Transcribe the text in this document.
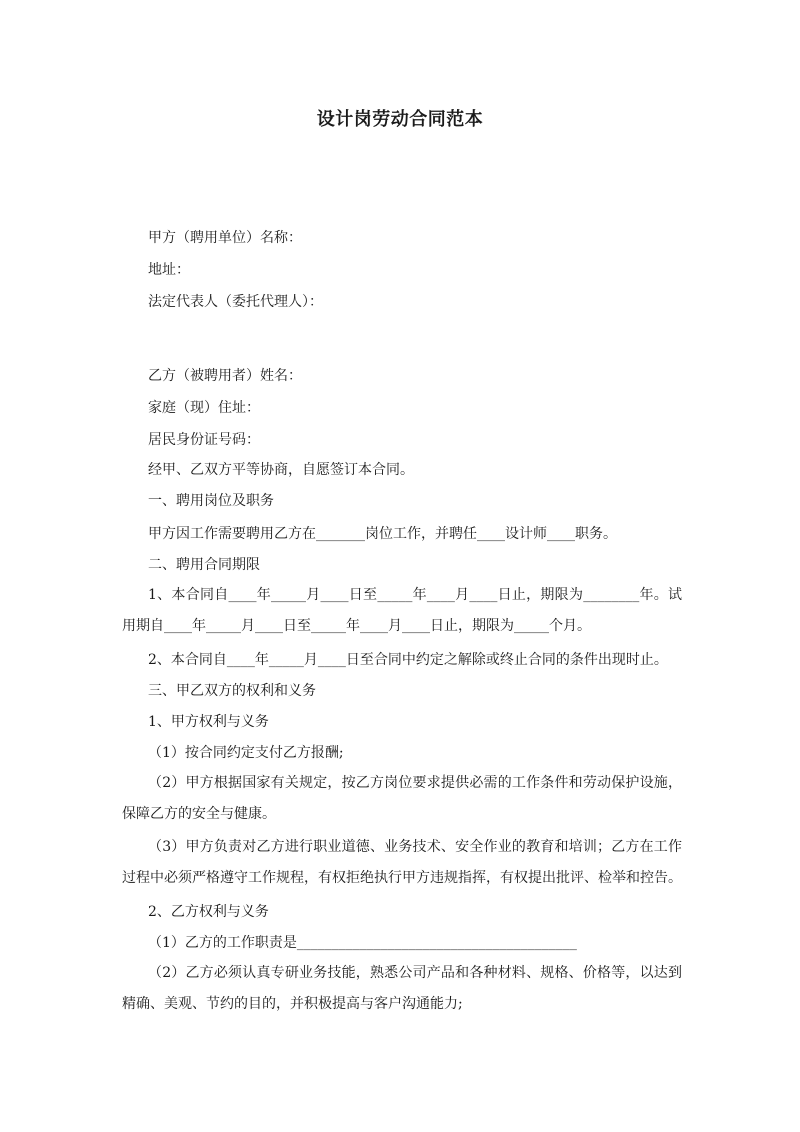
设计岗劳动合同范本
甲方（聘用单位）名称：
地址：
法定代表人（委托代理人）：
乙方（被聘用者）姓名：
家庭（现）住址：
居民身份证号码：
经甲、乙双方平等协商，自愿签订本合同。
一、聘用岗位及职务
甲方因工作需要聘用乙方在_______岗位工作，并聘任____设计师____职务。
二、聘用合同期限
1、本合同自____年_____月____日至_____年____月____日止，期限为________年。试用期自____年_____月____日至_____年____月____日止，期限为_____个月。
2、本合同自____年_____月____日至合同中约定之解除或终止合同的条件出现时止。
三、甲乙双方的权利和义务
1、甲方权利与义务
（1）按合同约定支付乙方报酬;
（2）甲方根据国家有关规定，按乙方岗位要求提供必需的工作条件和劳动保护设施，保障乙方的安全与健康。
（3）甲方负责对乙方进行职业道德、业务技术、安全作业的教育和培训；乙方在工作过程中必须严格遵守工作规程，有权拒绝执行甲方违规指挥，有权提出批评、检举和控告。
2、乙方权利与义务
（1）乙方的工作职责是________________________________________
（2）乙方必须认真专研业务技能，熟悉公司产品和各种材料、规格、价格等，以达到精确、美观、节约的目的，并积极提高与客户沟通能力;
